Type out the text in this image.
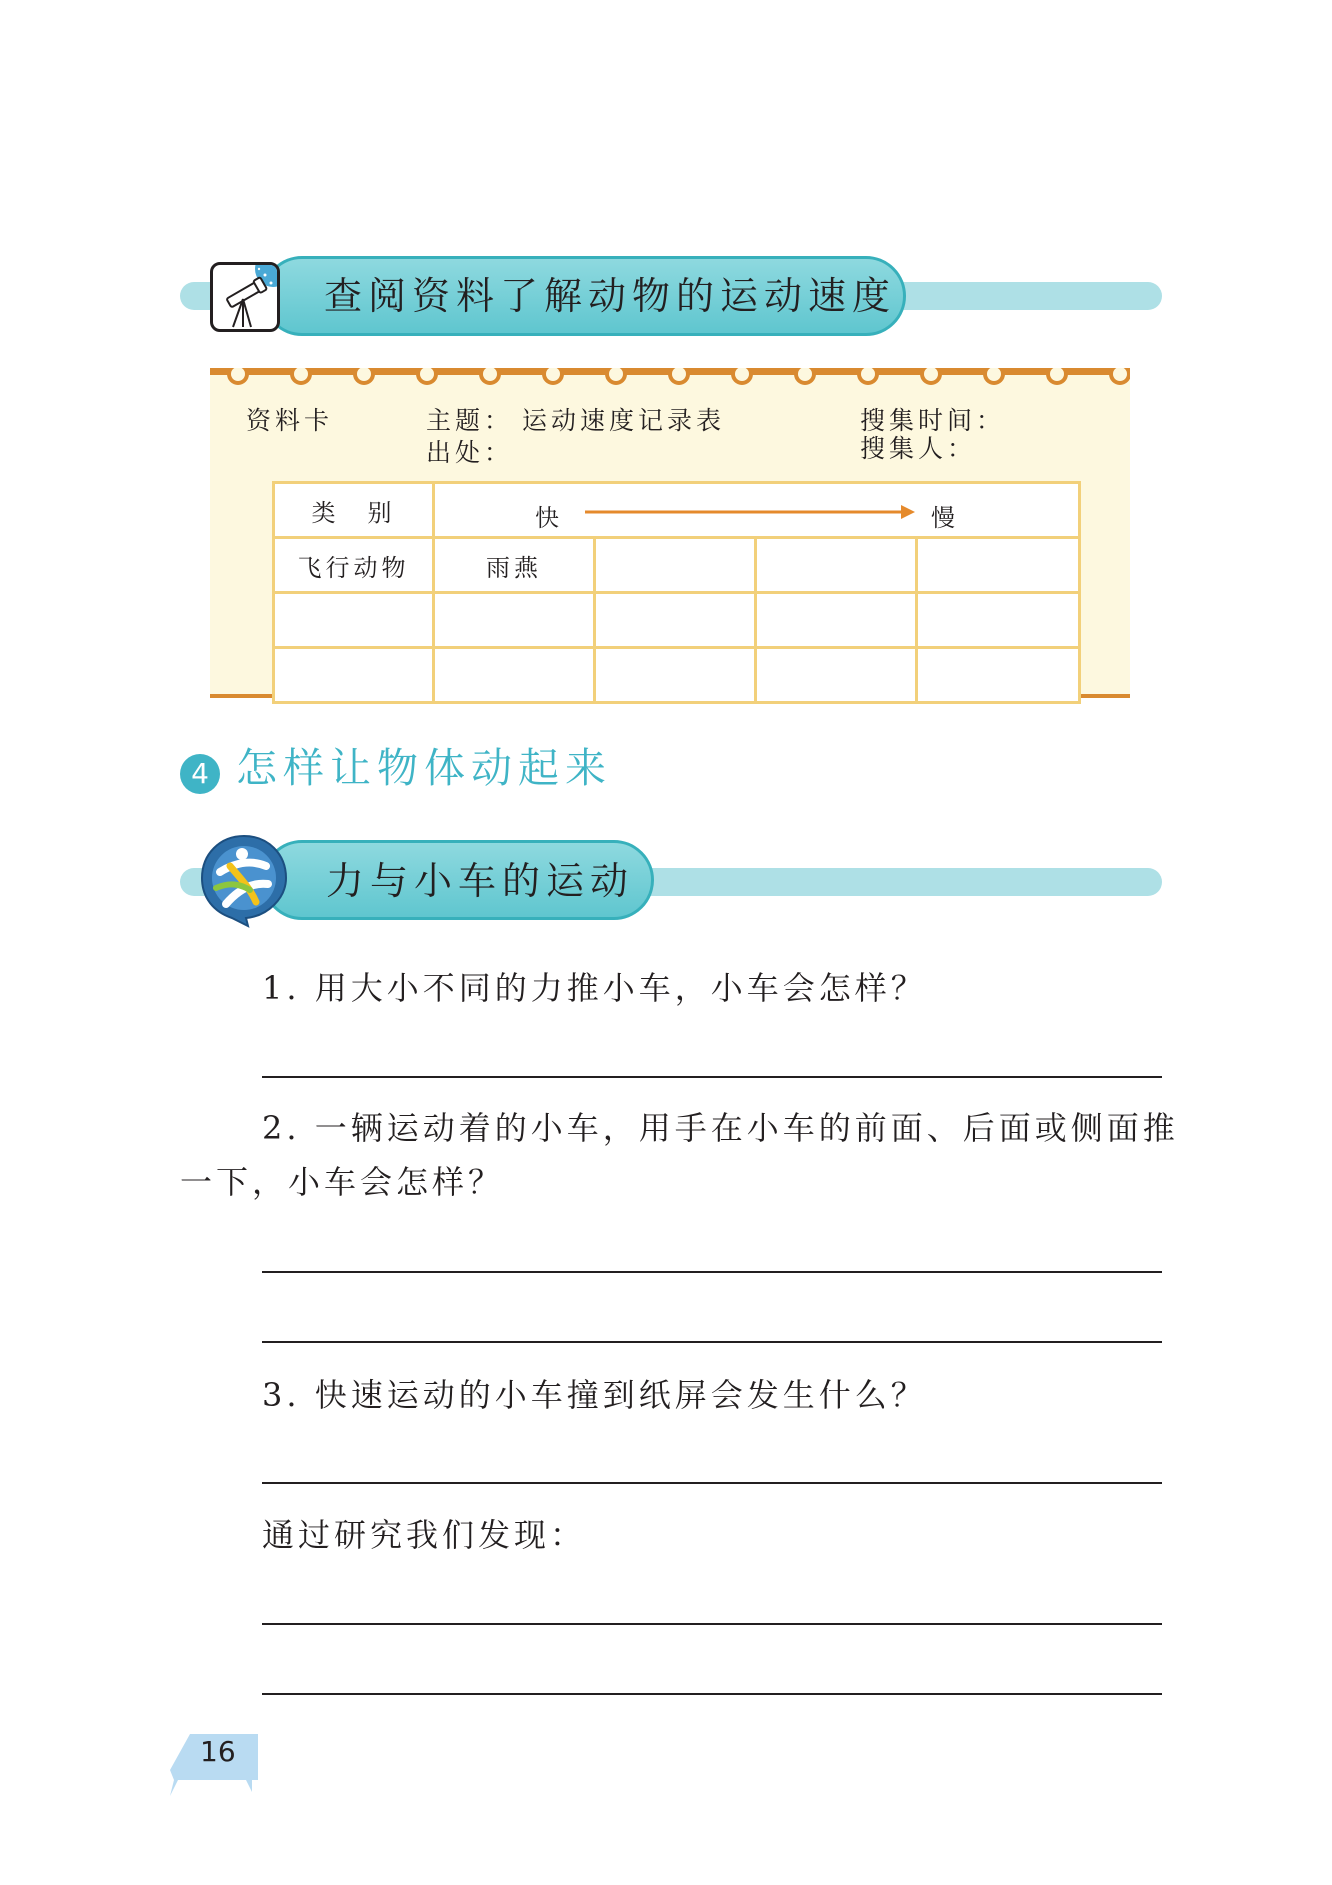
查阅资料了解动物的运动速度
资料卡	主题： 运动速度记录表
出处：
搜集时间：
搜集人：
类　别	快 慢			

飞行动物	雨燕			

4 怎样让物体动起来
力与小车的运动
1. 用大小不同的力推小车，小车会怎样？
2. 一辆运动着的小车，用手在小车的前面、后面或侧面推
一下，小车会怎样？
3. 快速运动的小车撞到纸屏会发生什么？
通过研究我们发现：
16
